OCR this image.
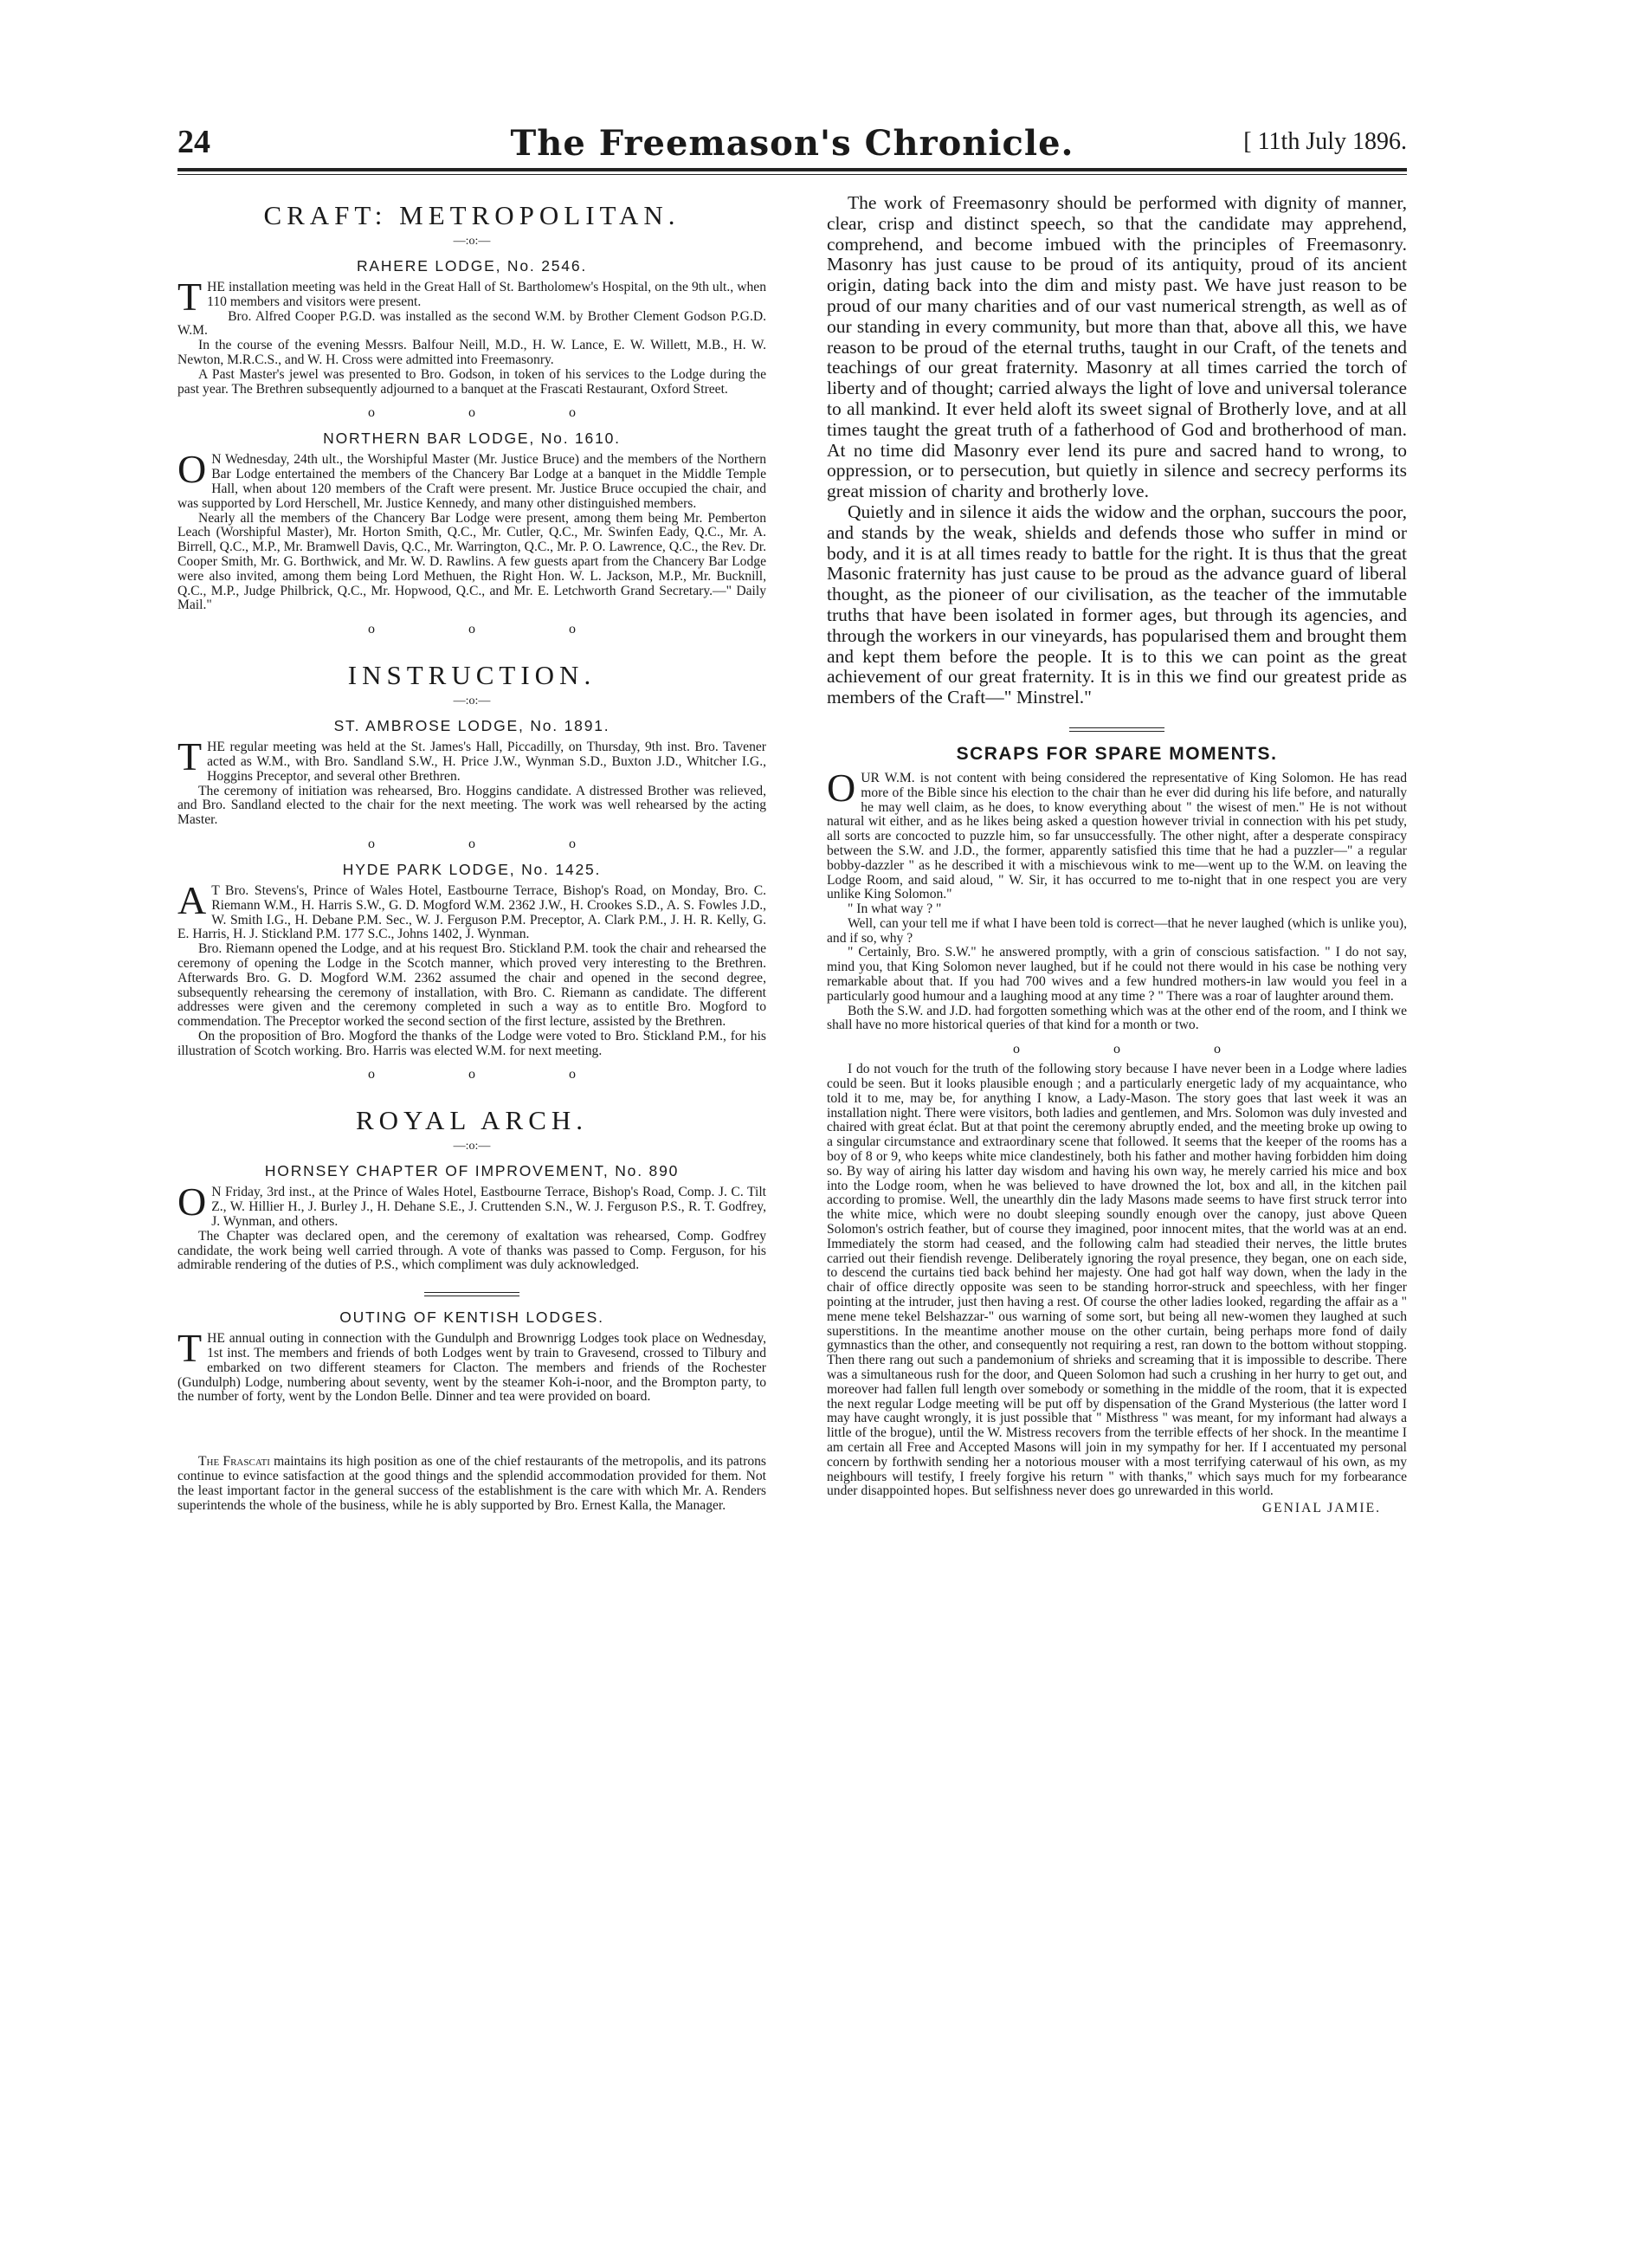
24	The Freemason's Chronicle.	[ 11th July 1896.
CRAFT: METROPOLITAN.
—:o:—
RAHERE LODGE, No. 2546.

THE installation meeting was held in the Great Hall of St. Bartholomew's Hospital, on the 9th ult., when 110 members and visitors were present.

Bro. Alfred Cooper P.G.D. was installed as the second W.M. by Brother Clement Godson P.G.D. W.M.

In the course of the evening Messrs. Balfour Neill, M.D., H. W. Lance, E. W. Willett, M.B., H. W. Newton, M.R.C.S., and W. H. Cross were admitted into Freemasonry.

A Past Master's jewel was presented to Bro. Godson, in token of his services to the Lodge during the past year. The Brethren subsequently adjourned to a banquet at the Frascati Restaurant, Oxford Street.

o o o
NORTHERN BAR LODGE, No. 1610.

O N Wednesday, 24th ult., the Worshipful Master (Mr. Justice Bruce) and the members of the Northern Bar Lodge entertained the members of the Chancery Bar Lodge at a banquet in the Middle Temple Hall, when about 120 members of the Craft were present. Mr. Justice Bruce occupied the chair, and was supported by Lord Herschell, Mr. Justice Kennedy, and many other distinguished members.

Nearly all the members of the Chancery Bar Lodge were present, among them being Mr. Pemberton Leach (Worshipful Master), Mr. Horton Smith, Q.C., Mr. Cutler, Q.C., Mr. Swinfen Eady, Q.C., Mr. A. Birrell, Q.C., M.P., Mr. Bramwell Davis, Q.C., Mr. Warrington, Q.C., Mr. P. O. Lawrence, Q.C., the Rev. Dr. Cooper Smith, Mr. G. Borthwick, and Mr. W. D. Rawlins. A few guests apart from the Chancery Bar Lodge were also invited, among them being Lord Methuen, the Right Hon. W. L. Jackson, M.P., Mr. Bucknill, Q.C., M.P., Judge Philbrick, Q.C., Mr. Hopwood, Q.C., and Mr. E. Letchworth Grand Secretary.—" Daily Mail."

o o o
INSTRUCTION.
—:o:—
ST. AMBROSE LODGE, No. 1891.

THE regular meeting was held at the St. James's Hall, Piccadilly, on Thursday, 9th inst. Bro. Tavener acted as W.M., with Bro. Sandland S.W., H. Price J.W., Wynman S.D., Buxton J.D., Whitcher I.G., Hoggins Preceptor, and several other Brethren.

The ceremony of initiation was rehearsed, Bro. Hoggins candidate. A distressed Brother was relieved, and Bro. Sandland elected to the chair for the next meeting. The work was well rehearsed by the acting Master.

o o o
HYDE PARK LODGE, No. 1425.

A T Bro. Stevens's, Prince of Wales Hotel, Eastbourne Terrace, Bishop's Road, on Monday, Bro. C. Riemann W.M., H. Harris S.W., G. D. Mogford W.M. 2362 J.W., H. Crookes S.D., A. S. Fowles J.D., W. Smith I.G., H. Debane P.M. Sec., W. J. Ferguson P.M. Preceptor, A. Clark P.M., J. H. R. Kelly, G. E. Harris, H. J. Stickland P.M. 177 S.C., Johns 1402, J. Wynman.

Bro. Riemann opened the Lodge, and at his request Bro. Stickland P.M. took the chair and rehearsed the ceremony of opening the Lodge in the Scotch manner, which proved very interesting to the Brethren. Afterwards Bro. G. D. Mogford W.M. 2362 assumed the chair and opened in the second degree, subsequently rehearsing the ceremony of installation, with Bro. C. Riemann as candidate. The different addresses were given and the ceremony completed in such a way as to entitle Bro. Mogford to commendation. The Preceptor worked the second section of the first lecture, assisted by the Brethren.

On the proposition of Bro. Mogford the thanks of the Lodge were voted to Bro. Stickland P.M., for his illustration of Scotch working. Bro. Harris was elected W.M. for next meeting.

o o o
ROYAL ARCH.
—:o:—
HORNSEY CHAPTER OF IMPROVEMENT, No. 890

O N Friday, 3rd inst., at the Prince of Wales Hotel, Eastbourne Terrace, Bishop's Road, Comp. J. C. Tilt Z., W. Hillier H., J. Burley J., H. Dehane S.E., J. Cruttenden S.N., W. J. Ferguson P.S., R. T. Godfrey, J. Wynman, and others.

The Chapter was declared open, and the ceremony of exaltation was rehearsed, Comp. Godfrey candidate, the work being well carried through. A vote of thanks was passed to Comp. Ferguson, for his admirable rendering of the duties of P.S., which compliment was duly acknowledged.

OUTING OF KENTISH LODGES.

THE annual outing in connection with the Gundulph and Brownrigg Lodges took place on Wednesday, 1st inst. The members and friends of both Lodges went by train to Gravesend, crossed to Tilbury and embarked on two different steamers for Clacton. The members and friends of the Rochester (Gundulph) Lodge, numbering about seventy, went by the steamer Koh-i-noor, and the Brompton party, to the number of forty, went by the London Belle. Dinner and tea were provided on board.

The Frascati maintains its high position as one of the chief restaurants of the metropolis, and its patrons continue to evince satisfaction at the good things and the splendid accommodation provided for them. Not the least important factor in the general success of the establishment is the care with which Mr. A. Renders superintends the whole of the business, while he is ably supported by Bro. Ernest Kalla, the Manager.

The work of Freemasonry should be performed with dignity of manner, clear, crisp and distinct speech, so that the candidate may apprehend, comprehend, and become imbued with the principles of Freemasonry. Masonry has just cause to be proud of its antiquity, proud of its ancient origin, dating back into the dim and misty past. We have just reason to be proud of our many charities and of our vast numerical strength, as well as of our standing in every community, but more than that, above all this, we have reason to be proud of the eternal truths, taught in our Craft, of the tenets and teachings of our great fraternity. Masonry at all times carried the torch of liberty and of thought; carried always the light of love and universal tolerance to all mankind. It ever held aloft its sweet signal of Brotherly love, and at all times taught the great truth of a fatherhood of God and brotherhood of man. At no time did Masonry ever lend its pure and sacred hand to wrong, to oppression, or to persecution, but quietly in silence and secrecy performs its great mission of charity and brotherly love.

Quietly and in silence it aids the widow and the orphan, succours the poor, and stands by the weak, shields and defends those who suffer in mind or body, and it is at all times ready to battle for the right. It is thus that the great Masonic fraternity has just cause to be proud as the advance guard of liberal thought, as the pioneer of our civilisation, as the teacher of the immutable truths that have been isolated in former ages, but through its agencies, and through the workers in our vineyards, has popularised them and brought them and kept them before the people. It is to this we can point as the great achievement of our great fraternity. It is in this we find our greatest pride as members of the Craft—" Minstrel."

SCRAPS FOR SPARE MOMENTS.

OUR W.M. is not content with being considered the representative of King Solomon. He has read more of the Bible since his election to the chair than he ever did during his life before, and naturally he may well claim, as he does, to know everything about " the wisest of men." He is not without natural wit either, and as he likes being asked a question however trivial in connection with his pet study, all sorts are concocted to puzzle him, so far unsuccessfully. The other night, after a desperate conspiracy between the S.W. and J.D., the former, apparently satisfied this time that he had a puzzler—" a regular bobby-dazzler " as he described it with a mischievous wink to me—went up to the W.M. on leaving the Lodge Room, and said aloud, " W. Sir, it has occurred to me to-night that in one respect you are very unlike King Solomon."

" In what way ? "

Well, can your tell me if what I have been told is correct—that he never laughed (which is unlike you), and if so, why ?

" Certainly, Bro. S.W." he answered promptly, with a grin of conscious satisfaction. " I do not say, mind you, that King Solomon never laughed, but if he could not there would in his case be nothing very remarkable about that. If you had 700 wives and a few hundred mothers-in law would you feel in a particularly good humour and a laughing mood at any time ? " There was a roar of laughter around them.

Both the S.W. and J.D. had forgotten something which was at the other end of the room, and I think we shall have no more historical queries of that kind for a month or two.

o o o

I do not vouch for the truth of the following story because I have never been in a Lodge where ladies could be seen. But it looks plausible enough ; and a particularly energetic lady of my acquaintance, who told it to me, may be, for anything I know, a Lady-Mason. The story goes that last week it was an installation night. There were visitors, both ladies and gentlemen, and Mrs. Solomon was duly invested and chaired with great éclat. But at that point the ceremony abruptly ended, and the meeting broke up owing to a singular circumstance and extraordinary scene that followed. It seems that the keeper of the rooms has a boy of 8 or 9, who keeps white mice clandestinely, both his father and mother having forbidden him doing so. By way of airing his latter day wisdom and having his own way, he merely carried his mice and box into the Lodge room, when he was believed to have drowned the lot, box and all, in the kitchen pail according to promise. Well, the unearthly din the lady Masons made seems to have first struck terror into the white mice, which were no doubt sleeping soundly enough over the canopy, just above Queen Solomon's ostrich feather, but of course they imagined, poor innocent mites, that the world was at an end. Immediately the storm had ceased, and the following calm had steadied their nerves, the little brutes carried out their fiendish revenge. Deliberately ignoring the royal presence, they began, one on each side, to descend the curtains tied back behind her majesty. One had got half way down, when the lady in the chair of office directly opposite was seen to be standing horror-struck and speechless, with her finger pointing at the intruder, just then having a rest. Of course the other ladies looked, regarding the affair as a " mene mene tekel Belshazzar-" ous warning of some sort, but being all new-women they laughed at such superstitions. In the meantime another mouse on the other curtain, being perhaps more fond of daily gymnastics than the other, and consequently not requiring a rest, ran down to the bottom without stopping. Then there rang out such a pandemonium of shrieks and screaming that it is impossible to describe. There was a simultaneous rush for the door, and Queen Solomon had such a crushing in her hurry to get out, and moreover had fallen full length over somebody or something in the middle of the room, that it is expected the next regular Lodge meeting will be put off by dispensation of the Grand Mysterious (the latter word I may have caught wrongly, it is just possible that " Misthress " was meant, for my informant had always a little of the brogue), until the W. Mistress recovers from the terrible effects of her shock. In the meantime I am certain all Free and Accepted Masons will join in my sympathy for her. If I accentuated my personal concern by forthwith sending her a notorious mouser with a most terrifying caterwaul of his own, as my neighbours will testify, I freely forgive his return " with thanks," which says much for my forbearance under disappointed hopes. But selfishness never does go unrewarded in this world.

GENIAL JAMIE.
